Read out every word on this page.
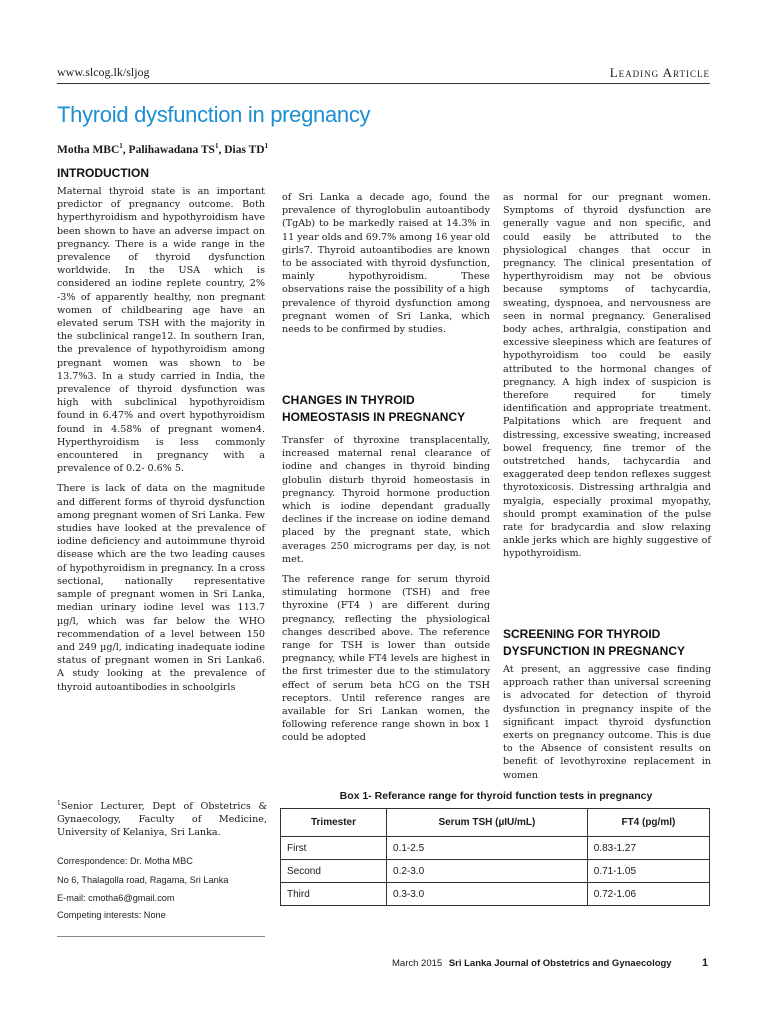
www.slcog.lk/sljog	Leading Article
Thyroid dysfunction in pregnancy
Motha MBC$^1$, Palihawadana $TS^1$, Dias $TD^1$
INTRODUCTION

Maternal thyroid state is an important predictor of pregnancy outcome. Both hyperthyroidism and hypothyroidism have been shown to have an adverse impact on pregnancy. There is a wide range in the prevalence of thyroid dysfunction worldwide. In the USA which is considered an iodine replete country, 2% -3% of apparently healthy, non pregnant women of childbearing age have an elevated serum TSH with the majority in the subclinical range12. In southern Iran, the prevalence of hypothyroidism among pregnant women was shown to be 13.7%3. In a study carried in India, the prevalence of thyroid dysfunction was high with subclinical hypothyroidism found in 6.47% and overt hypothyroidism found in 4.58% of pregnant women4. Hyperthyroidism is less commonly encountered in pregnancy with a prevalence of 0.2- 0.6% 5.

There is lack of data on the magnitude and different forms of thyroid dysfunction among pregnant women of Sri Lanka. Few studies have looked at the prevalence of iodine deficiency and autoimmune thyroid disease which are the two leading causes of hypothyroidism in pregnancy. In a cross sectional, nationally representative sample of pregnant women in Sri Lanka, median urinary iodine level was 113.7 µg/l, which was far below the WHO recommendation of a level between 150 and 249 µg/l, indicating inadequate iodine status of pregnant women in Sri Lanka6. A study looking at the prevalence of thyroid autoantibodies in schoolgirls

of Sri Lanka a decade ago, found the prevalence of thyroglobulin autoantibody (TgAb) to be markedly raised at 14.3% in 11 year olds and 69.7% among 16 year old girls7. Thyroid autoantibodies are known to be associated with thyroid dysfunction, mainly hypothyroidism. These observations raise the possibility of a high prevalence of thyroid dysfunction among pregnant women of Sri Lanka, which needs to be confirmed by studies.

CHANGES IN THYROID HOMEOSTASIS IN PREGNANCY

Transfer of thyroxine transplacentally, increased maternal renal clearance of iodine and changes in thyroid binding globulin disturb thyroid homeostasis in pregnancy. Thyroid hormone production which is iodine dependant gradually declines if the increase on iodine demand placed by the pregnant state, which averages 250 micrograms per day, is not met.

The reference range for serum thyroid stimulating hormone (TSH) and free thyroxine (FT4 ) are different during pregnancy, reflecting the physiological changes described above. The reference range for TSH is lower than outside pregnancy, while FT4 levels are highest in the first trimester due to the stimulatory effect of serum beta hCG on the TSH receptors. Until reference ranges are available for Sri Lankan women, the following reference range shown in box 1 could be adopted

as normal for our pregnant women. Symptoms of thyroid dysfunction are generally vague and non specific, and could easily be attributed to the physiological changes that occur in pregnancy. The clinical presentation of hyperthyroidism may not be obvious because symptoms of tachycardia, sweating, dyspnoea, and nervousness are seen in normal pregnancy. Generalised body aches, arthralgia, constipation and excessive sleepiness which are features of hypothyroidism too could be easily attributed to the hormonal changes of pregnancy. A high index of suspicion is therefore required for timely identification and appropriate treatment. Palpitations which are frequent and distressing, excessive sweating, increased bowel frequency, fine tremor of the outstretched hands, tachycardia and exaggerated deep tendon reflexes suggest thyrotoxicosis. Distressing arthralgia and myalgia, especially proximal myopathy, should prompt examination of the pulse rate for bradycardia and slow relaxing ankle jerks which are highly suggestive of hypothyroidism.

SCREENING FOR THYROID DYSFUNCTION IN PREGNANCY

At present, an aggressive case finding approach rather than universal screening is advocated for detection of thyroid dysfunction in pregnancy inspite of the significant impact thyroid dysfunction exerts on pregnancy outcome. This is due to the Absence of consistent results on benefit of levothyroxine replacement in women

$^1$Senior Lecturer, Dept of Obstetrics & Gynaecology, Faculty of Medicine, University of Kelaniya, Sri Lanka.
Correspondence: Dr. Motha MBC
No 6, Thalagolla road, Ragama, Sri Lanka
E-mail: cmotha6@gmail.com
Competing interests: None
Box 1- Referance range for thyroid function tests in pregnancy
Trimester	Serum TSH (µIU/mL)	FT4 (pg/ml)
First	0.1-2.5	0.83-1.27
Second	0.2-3.0	0.71-1.05
Third	0.3-3.0	0.72-1.06
March 2015 Sri Lanka Journal of Obstetrics and Gynaecology	1
